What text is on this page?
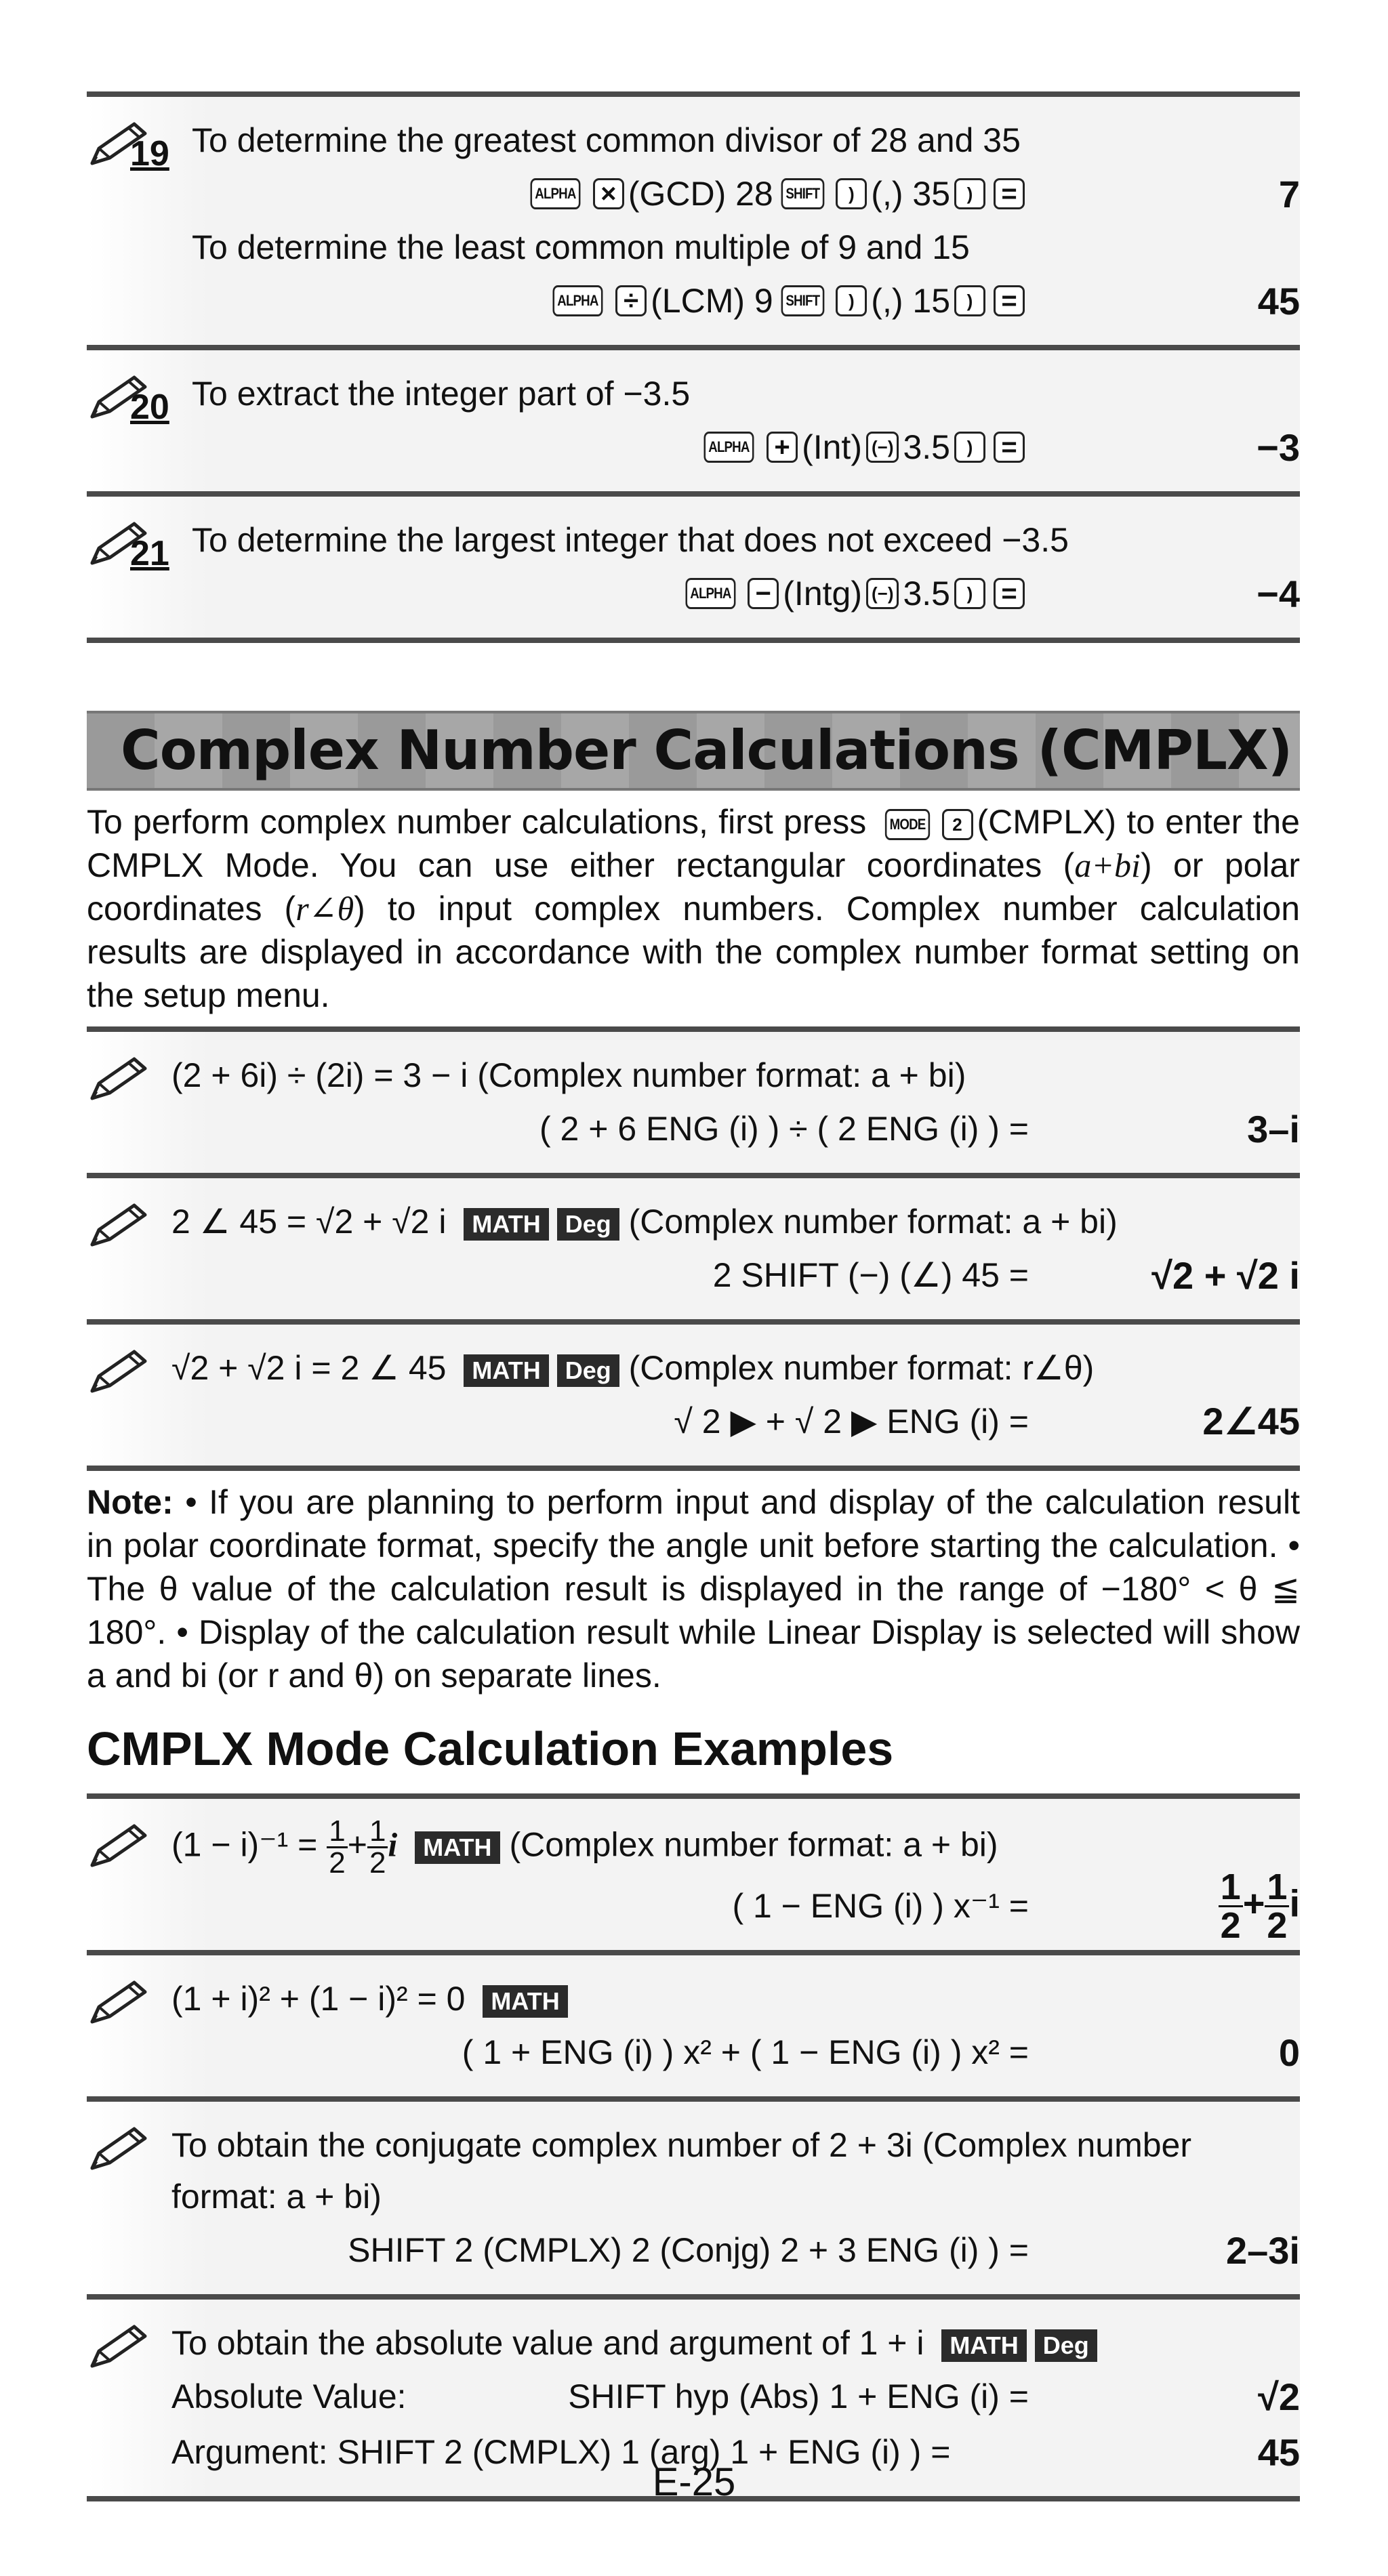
19 To determine the greatest common divisor of 28 and 35
ALPHA × (GCD) 28 SHIFT	) (,) 35 )	=	7
To determine the least common multiple of 9 and 15
ALPHA ÷ (LCM) 9 SHIFT	) (,) 15 )	=	45
20 To extract the integer part of −3.5
ALPHA + (Int) (−) 3.5 )	=	−3
21 To determine the largest integer that does not exceed −3.5
ALPHA − (Intg) (−) 3.5 )	=	−4
Complex Number Calculations (CMPLX)
To perform complex number calculations, first press MODE 2 (CMPLX) to enter the CMPLX Mode. You can use either rectangular coordinates (a+bi) or polar coordinates (r∠θ) to input complex numbers. Complex number calculation results are displayed in accordance with the complex number format setting on the setup menu.
(2 + 6i) ÷ (2i) = 3 − i (Complex number format: a + bi)
( 2 + 6 ENG (i) ) ÷ ( 2 ENG (i) ) =	3–i
2 ∠ 45 = √2 + √2 i MATH Deg (Complex number format: a + bi)
2 SHIFT (−) (∠) 45 =	√2 + √2 i
√2 + √2 i = 2 ∠ 45 MATH Deg (Complex number format: r∠θ)
√ 2 ▶ + √ 2 ▶ ENG (i) =	2∠45
Note: • If you are planning to perform input and display of the calculation result in polar coordinate format, specify the angle unit before starting the calculation. • The θ value of the calculation result is displayed in the range of −180° < θ ≦ 180°. • Display of the calculation result while Linear Display is selected will show a and bi (or r and θ) on separate lines.
CMPLX Mode Calculation Examples
$(1 - i)^{-1} = \frac{1}{2} + \frac{1}{2}$ i MATH (Complex number format: a + bi)
( 1 − ENG (i) ) x⁻¹ =	$\frac{1}{2} + \frac{1}{2}$ i
(1 + i)² + (1 − i)² = 0 MATH
( 1 + ENG (i) ) x² + ( 1 − ENG (i) ) x² =	0
To obtain the conjugate complex number of 2 + 3i (Complex number
format: a + bi)
SHIFT 2 (CMPLX) 2 (Conjg) 2 + 3 ENG (i) ) =	2–3i
To obtain the absolute value and argument of 1 + i MATH Deg
Absolute Value:	SHIFT hyp (Abs) 1 + ENG (i) =	√2
Argument:
SHIFT 2 (CMPLX) 1 (arg) 1 + ENG (i) ) =	45
E-25
